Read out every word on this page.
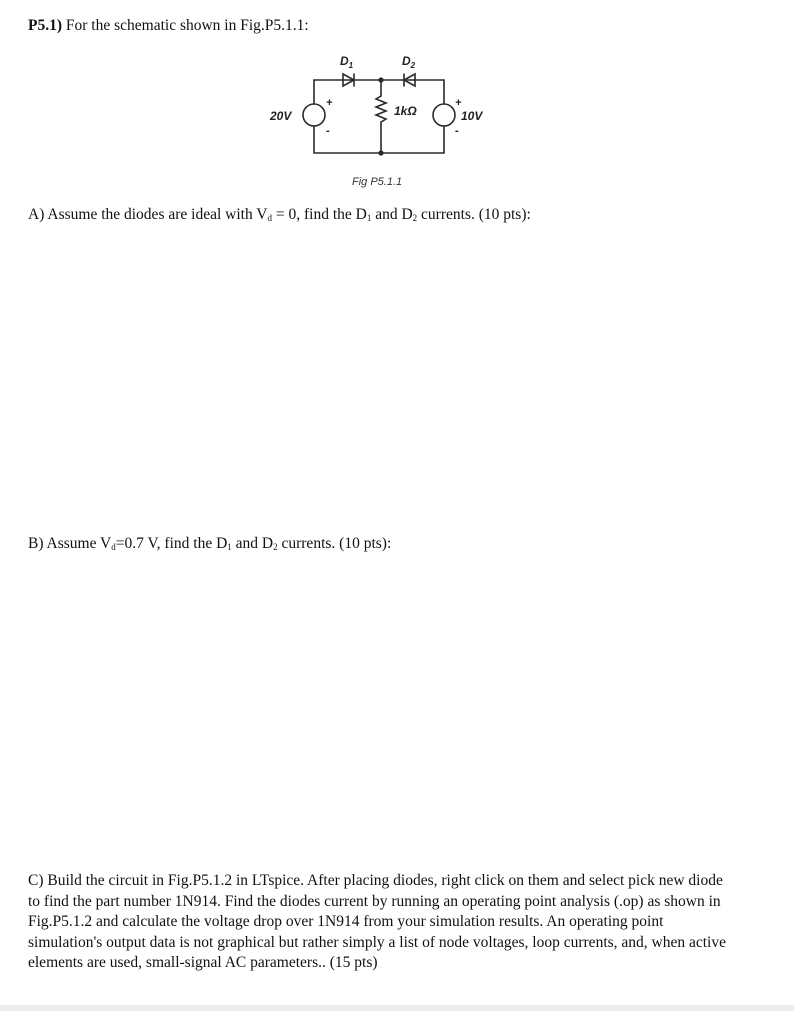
P5.1) For the schematic shown in Fig.P5.1.1:
$D_1$	$D_2$
20V	10V
1kΩ
+
-
+
-
Fig P5.1.1
A) Assume the diodes are ideal with $V_d = 0$, find the $D_1$ and $D_2$ currents. (10 pts):
B) Assume $V_d=0.7$ V, find the $D_1$ and $D_2$ currents. (10 pts):
C) Build the circuit in Fig.P5.1.2 in LTspice. After placing diodes, right click on them and select pick new diode to find the part number 1N914. Find the diodes current by running an operating point analysis (.op) as shown in Fig.P5.1.2 and calculate the voltage drop over 1N914 from your simulation results. An operating point simulation's output data is not graphical but rather simply a list of node voltages, loop currents, and, when active elements are used, small-signal AC parameters.. (15 pts)
